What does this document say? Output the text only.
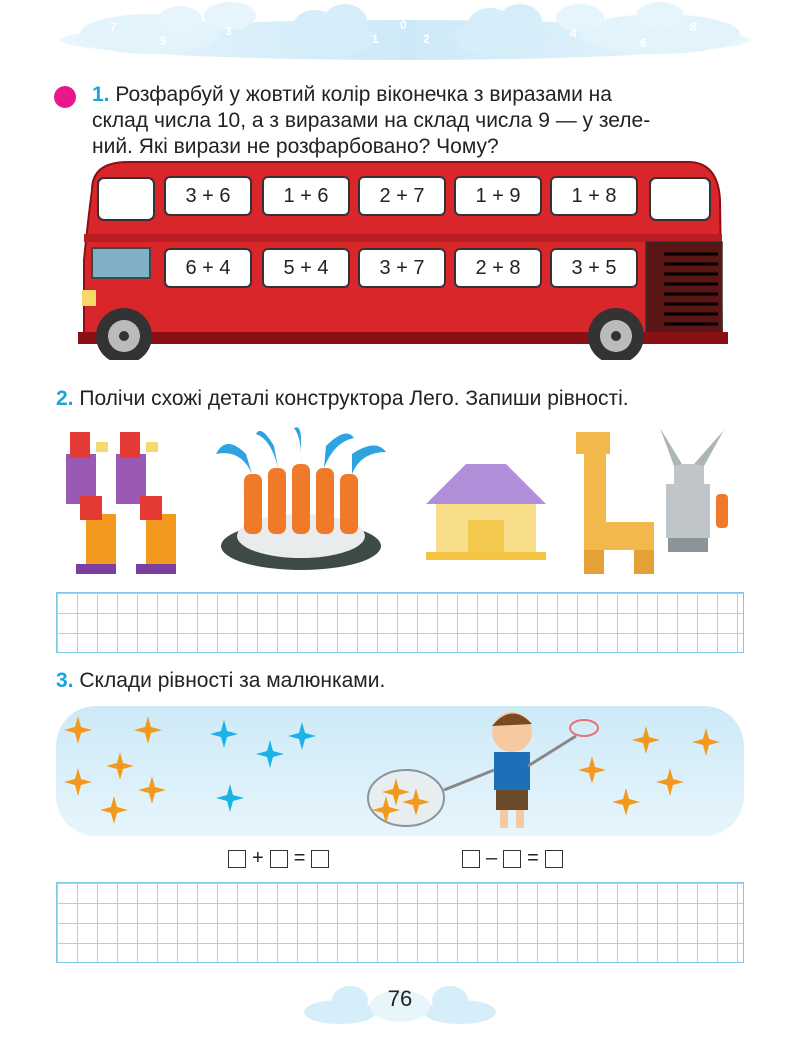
7
5
3
1
0
2	4
6
8
1. Розфарбуй у жовтий колір віконечка з виразами на
склад числа 10, а з виразами на склад числа 9 — у зеле-
ний. Які вирази не розфарбовано? Чому?
3 + 6	1 + 6	2 + 7	1 + 9	1 + 8
6 + 4	5 + 4	3 + 7	2 + 8	3 + 5
2. Полічи схожі деталі конструктора Лего. Запиши рівності.
3. Склади рівності за малюнками.
+ =	– =
76
